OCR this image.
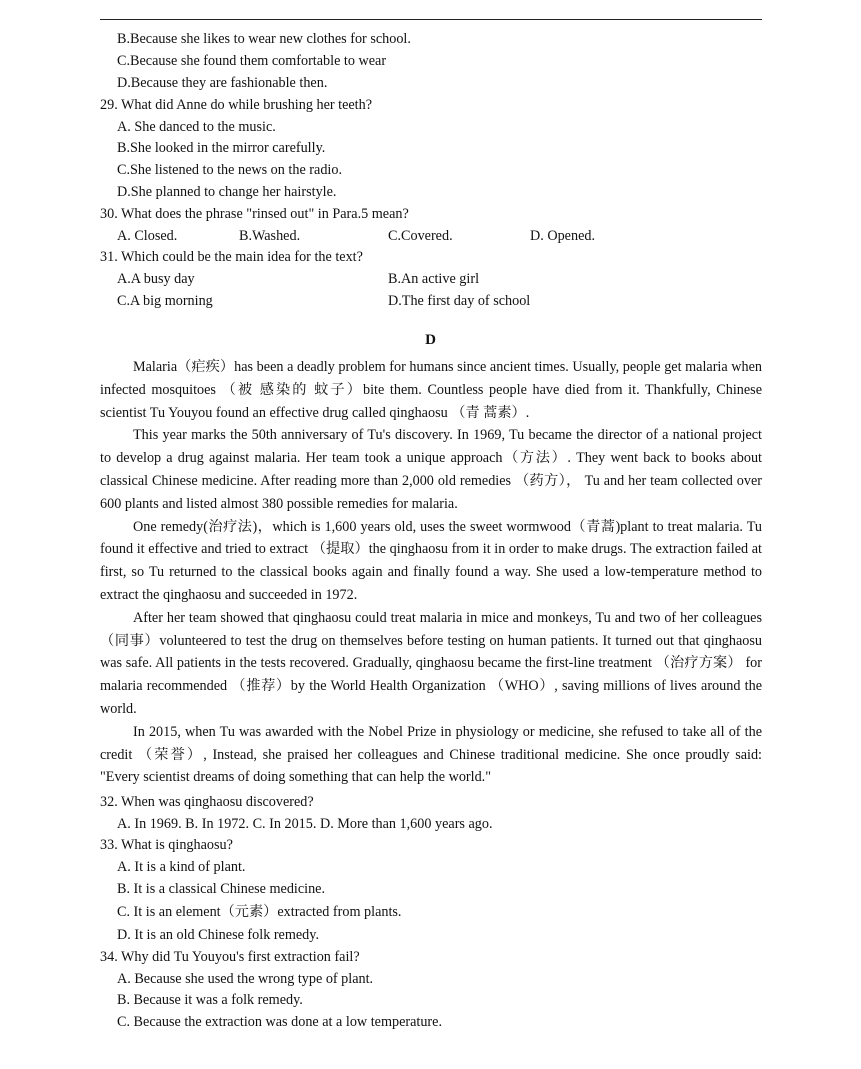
B.Because she likes to wear new clothes for school.
C.Because she found them comfortable to wear
D.Because they are fashionable then.
29. What did Anne do while brushing her teeth?
A. She danced to the music.
B.She looked in the mirror carefully.
C.She listened to the news on the radio.
D.She planned to change her hairstyle.
30. What does the phrase "rinsed out" in Para.5 mean?
A. Closed.	B.Washed.	C.Covered.	D. Opened.
31. Which could be the main idea for the text?
A.A busy day	B.An active girl
C.A big morning	D.The first day of school
D

Malaria（疟疾）has been a deadly problem for humans since ancient times. Usually, people get malaria when infected mosquitoes （被 感染的 蚊子）bite them. Countless people have died from it. Thankfully, Chinese scientist Tu Youyou found an effective drug called qinghaosu （青 蒿素）.

This year marks the 50th anniversary of Tu's discovery. In 1969, Tu became the director of a national project to develop a drug against malaria. Her team took a unique approach（方法）. They went back to books about classical Chinese medicine. After reading more than 2,000 old remedies （药方）， Tu and her team collected over 600 plants and listed almost 380 possible remedies for malaria.

One remedy(治疗法)，which is 1,600 years old, uses the sweet wormwood（青蒿)plant to treat malaria. Tu found it effective and tried to extract （提取）the qinghaosu from it in order to make drugs. The extraction failed at first, so Tu returned to the classical books again and finally found a way. She used a low-temperature method to extract the qinghaosu and succeeded in 1972.

After her team showed that qinghaosu could treat malaria in mice and monkeys, Tu and two of her colleagues （同事）volunteered to test the drug on themselves before testing on human patients. It turned out that qinghaosu was safe. All patients in the tests recovered. Gradually, qinghaosu became the first-line treatment （治疗方案） for malaria recommended （推荐）by the World Health Organization （WHO）, saving millions of lives around the world.

In 2015, when Tu was awarded with the Nobel Prize in physiology or medicine, she refused to take all of the credit （荣誉）, Instead, she praised her colleagues and Chinese traditional medicine. She once proudly said: "Every scientist dreams of doing something that can help the world."

32. When was qinghaosu discovered?
A. In 1969. B. In 1972. C. In 2015. D. More than 1,600 years ago.
33. What is qinghaosu?
A. It is a kind of plant.
B. It is a classical Chinese medicine.
C. It is an element（元素）extracted from plants.
D. It is an old Chinese folk remedy.
34. Why did Tu Youyou's first extraction fail?
A. Because she used the wrong type of plant.
B. Because it was a folk remedy.
C. Because the extraction was done at a low temperature.
